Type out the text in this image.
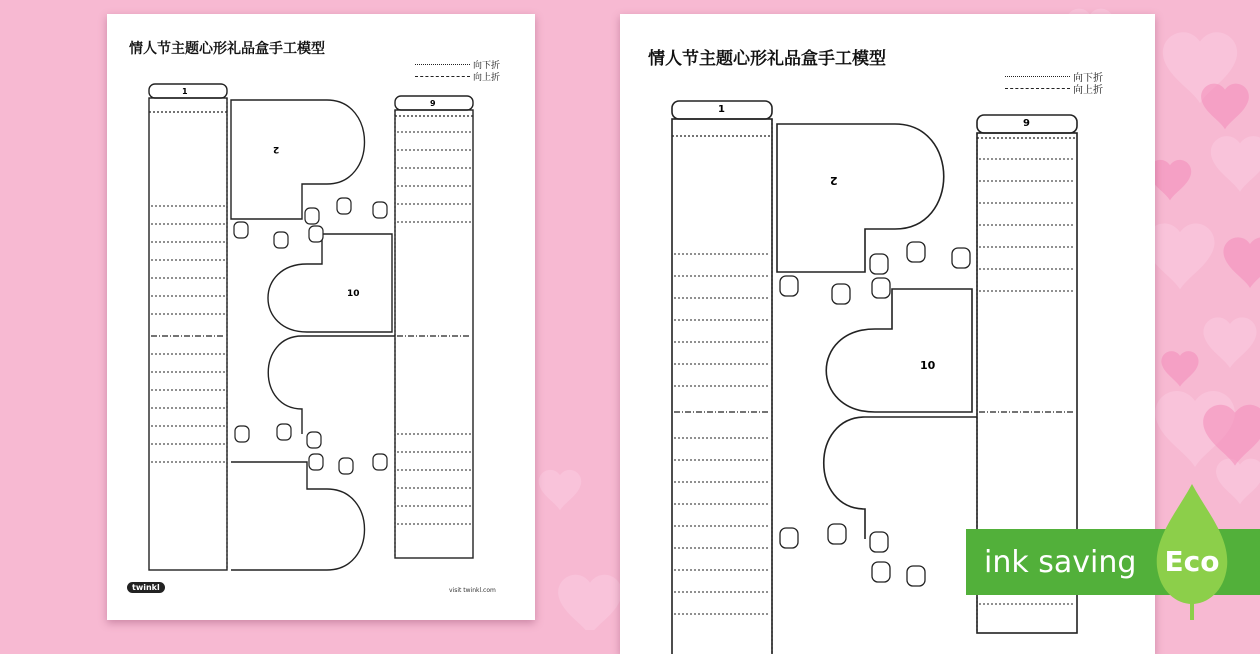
情人节主题心形礼品盒手工模型
向下折
向上折
1
9
2
10
twinkl	visit twinkl.com
情人节主题心形礼品盒手工模型
向下折
向上折
1
9
2
10
ink saving Eco
